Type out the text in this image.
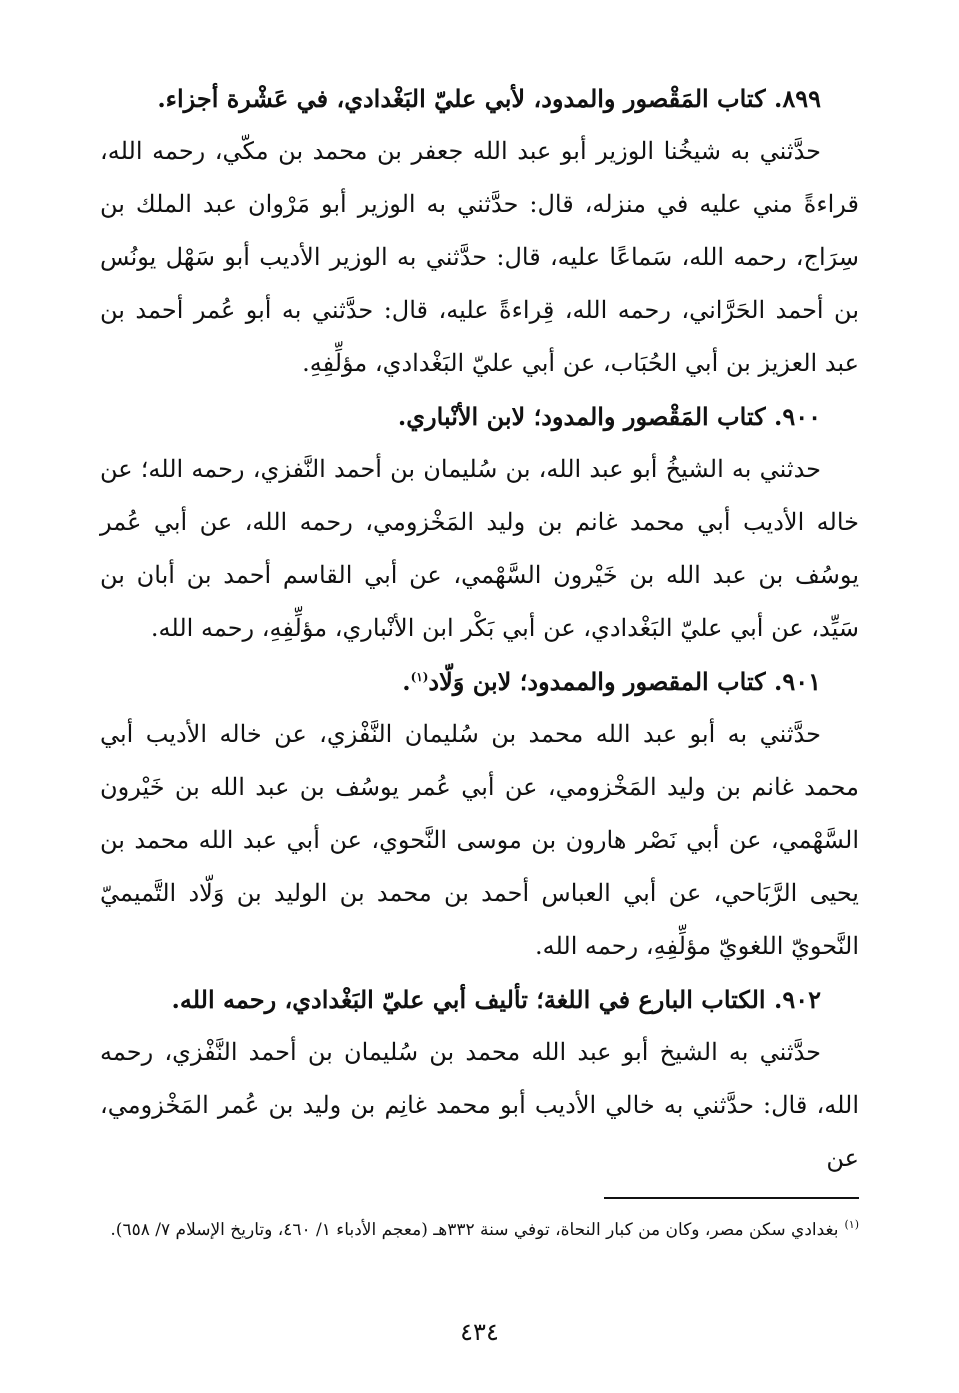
٨٩٩. كتاب المَقْصور والمدود، لأبي عليّ البَغْدادي، في عَشْرة أجزاء.

حدَّثني به شيخُنا الوزير أبو عبد الله جعفر بن محمد بن مكّي، رحمه الله، قراءةً مني عليه في منزله، قال: حدَّثني به الوزير أبو مَرْوان عبد الملك بن سِرَاج، رحمه الله، سَماعًا عليه، قال: حدَّثني به الوزير الأديب أبو سَهْل يونُس بن أحمد الحَرَّاني، رحمه الله، قِراءةً عليه، قال: حدَّثني به أبو عُمر أحمد بن عبد العزيز بن أبي الحُبَاب، عن أبي عليّ البَغْدادي، مؤلِّفِهِ.

٩٠٠. كتاب المَقْصور والمدود؛ لابن الأنْباري.

حدثني به الشيخُ أبو عبد الله، بن سُليمان بن أحمد النَّفزي، رحمه الله؛ عن خاله الأديب أبي محمد غانم بن وليد المَخْزومي، رحمه الله، عن أبي عُمر يوسُف بن عبد الله بن خَيْرون السَّهْمي، عن أبي القاسم أحمد بن أبان بن سَيِّد، عن أبي عليّ البَغْدادي، عن أبي بَكْر ابن الأنْباري، مؤلِّفِهِ، رحمه الله.

٩٠١. كتاب المقصور والممدود؛ لابن وَلّاد$^{(١)}$.

حدَّثني به أبو عبد الله محمد بن سُليمان النَّفْزي، عن خاله الأديب أبي محمد غانم بن وليد المَخْزومي، عن أبي عُمر يوسُف بن عبد الله بن خَيْرون السَّهْمي، عن أبي نَصْر هارون بن موسى النَّحوي، عن أبي عبد الله محمد بن يحيى الرَّبَاحي، عن أبي العباس أحمد بن محمد بن الوليد بن وَلّاد التَّميميّ النَّحويّ اللغويّ مؤلِّفِهِ، رحمه الله.

٩٠٢. الكتاب البارع في اللغة؛ تأليف أبي عليّ البَغْدادي، رحمه الله.

حدَّثني به الشيخ أبو عبد الله محمد بن سُليمان بن أحمد النَّفْزي، رحمه الله، قال: حدَّثني به خالي الأديب أبو محمد غانِم بن وليد بن عُمر المَخْزومي، عن

$^{(١)}$بغدادي سكن مصر، وكان من كبار النحاة، توفي سنة ٣٣٢هـ (معجم الأدباء ١/ ٤٦٠، وتاريخ الإسلام ٧/ ٦٥٨).

٤٣٤
